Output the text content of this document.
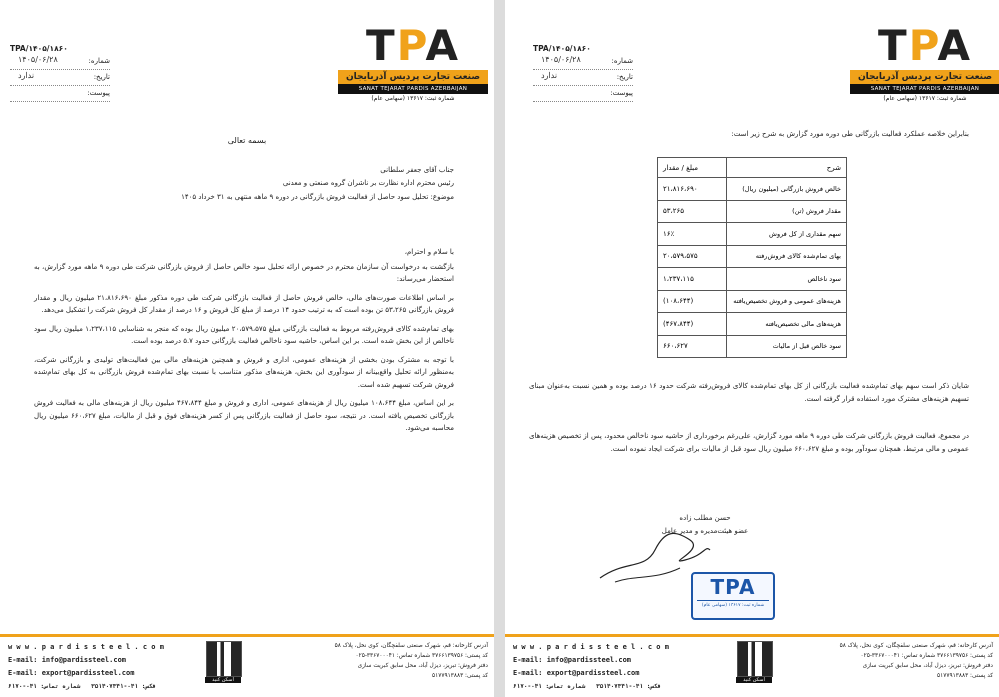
TPA
صنعت تجارت پردیس آذربایجان
SANAT TEJARAT PARDIS AZERBAIJAN
شماره ثبت: ۱۳۶۱۷ (سهامی عام)
TPA/۱۴۰۵/۱۸۶۰
شماره:
۱۴۰۵/۰۶/۲۸
تاریخ:
ندارد
پیوست:
بسمه تعالی
جناب آقای جعفر سلطانی
رئیس محترم اداره نظارت بر ناشران گروه صنعتی و معدنی
موضوع: تحلیل سود حاصل از فعالیت فروش بازرگانی در دوره ۹ ماهه منتهی به ۳۱ خرداد ۱۴۰۵
با سلام و احترام،

بازگشت به درخواست آن سازمان محترم در خصوص ارائه تحلیل سود خالص حاصل از فروش بازرگانی شرکت طی دوره ۹ ماهه مورد گزارش، به استحضار می‌رساند:

بر اساس اطلاعات صورت‌های مالی، خالص فروش حاصل از فعالیت بازرگانی شرکت طی دوره مذکور مبلغ ۲۱،۸۱۶،۶۹۰ میلیون ریال و مقدار فروش بازرگانی ۵۳،۲۶۵ تن بوده است که به ترتیب حدود ۱۴ درصد از مبلغ کل فروش و ۱۶ درصد از مقدار کل فروش شرکت را تشکیل می‌دهد.

بهای تمام‌شده کالای فروش‌رفته مربوط به فعالیت بازرگانی مبلغ ۲۰،۵۷۹،۵۷۵ میلیون ریال بوده که منجر به شناسایی ۱،۲۳۷،۱۱۵ میلیون ریال سود ناخالص از این بخش شده است. بر این اساس، حاشیه سود ناخالص فعالیت بازرگانی حدود ۵.۷ درصد بوده است.

با توجه به مشترک بودن بخشی از هزینه‌های عمومی، اداری و فروش و همچنین هزینه‌های مالی بین فعالیت‌های تولیدی و بازرگانی شرکت، به‌منظور ارائه تحلیل واقع‌بینانه از سودآوری این بخش، هزینه‌های مذکور متناسب با نسبت بهای تمام‌شده فروش بازرگانی به کل بهای تمام‌شده فروش شرکت تسهیم شده است.

بر این اساس، مبلغ ۱۰۸،۶۴۴ میلیون ریال از هزینه‌های عمومی، اداری و فروش و مبلغ ۴۶۷،۸۴۴ میلیون ریال از هزینه‌های مالی به فعالیت فروش بازرگانی تخصیص یافته است. در نتیجه، سود حاصل از فعالیت بازرگانی پس از کسر هزینه‌های فوق و قبل از مالیات، مبلغ ۶۶۰،۶۲۷ میلیون ریال محاسبه می‌شود.

w w w . p a r d i s s t e e l . c o m
E-mail: info@pardissteel.com
E-mail: export@pardissteel.com
فکس: ۰۴۱-۳۵۱۴۰۷۳۴۱   شماره تماس: ۰۴۱-۶۱۷۰
اسکن کنید
آدرس کارخانه: قم، شهرک صنعتی سلفچگان، کوی نخل، پلاک ۵۸
کد پستی: ۳۷۶۶۱۳۹۷۵۶ شماره تماس: ۳۳۶۷۰۰۰۴۱-۰۲۵
دفتر فروش: تبریز، دیزل آباد، محل سابق کبریت سازی
کد پستی: ۵۱۷۷۹۱۳۸۸۳
TPA
صنعت تجارت پردیس آذربایجان
SANAT TEJARAT PARDIS AZERBAIJAN
شماره ثبت: ۱۳۶۱۷ (سهامی عام)
TPA/۱۴۰۵/۱۸۶۰
شماره:
۱۴۰۵/۰۶/۲۸
تاریخ:
ندارد
پیوست:
بنابراین خلاصه عملکرد فعالیت بازرگانی طی دوره مورد گزارش به شرح زیر است:
شرح	مبلغ / مقدار
خالص فروش بازرگانی (میلیون ریال)	۲۱،۸۱۶،۶۹۰
مقدار فروش (تن)	۵۳،۲۶۵
سهم مقداری از کل فروش	۱۶٪
بهای تمام‌شده کالای فروش‌رفته	۲۰،۵۷۹،۵۷۵
سود ناخالص	۱،۲۳۷،۱۱۵
هزینه‌های عمومی و فروش تخصیص‌یافته	(۱۰۸،۶۴۴)
هزینه‌های مالی تخصیص‌یافته	(۴۶۷،۸۴۴)
سود خالص قبل از مالیات	۶۶۰،۶۲۷
شایان ذکر است سهم بهای تمام‌شده فعالیت بازرگانی از کل بهای تمام‌شده کالای فروش‌رفته شرکت حدود ۱۶ درصد بوده و همین نسبت به‌عنوان مبنای تسهیم هزینه‌های مشترک مورد استفاده قرار گرفته است.
در مجموع، فعالیت فروش بازرگانی شرکت طی دوره ۹ ماهه مورد گزارش، علی‌رغم برخورداری از حاشیه سود ناخالص محدود، پس از تخصیص هزینه‌های عمومی و مالی مرتبط، همچنان سودآور بوده و مبلغ ۶۶۰،۶۲۷ میلیون ریال سود قبل از مالیات برای شرکت ایجاد نموده است.
حسن مطلب زاده
عضو هیئت‌مدیره و مدیر عامل
TPA
شماره ثبت: ۱۳۶۱۷ (سهامی عام)
w w w . p a r d i s s t e e l . c o m
E-mail: info@pardissteel.com
E-mail: export@pardissteel.com
فکس: ۰۴۱-۳۵۱۴۰۷۳۴۱   شماره تماس: ۰۴۱-۶۱۷۰
اسکن کنید
آدرس کارخانه: قم، شهرک صنعتی سلفچگان، کوی نخل، پلاک ۵۸
کد پستی: ۳۷۶۶۱۳۹۷۵۶ شماره تماس: ۳۳۶۷۰۰۰۴۱-۰۲۵
دفتر فروش: تبریز، دیزل آباد، محل سابق کبریت سازی
کد پستی: ۵۱۷۷۹۱۳۸۸۳
